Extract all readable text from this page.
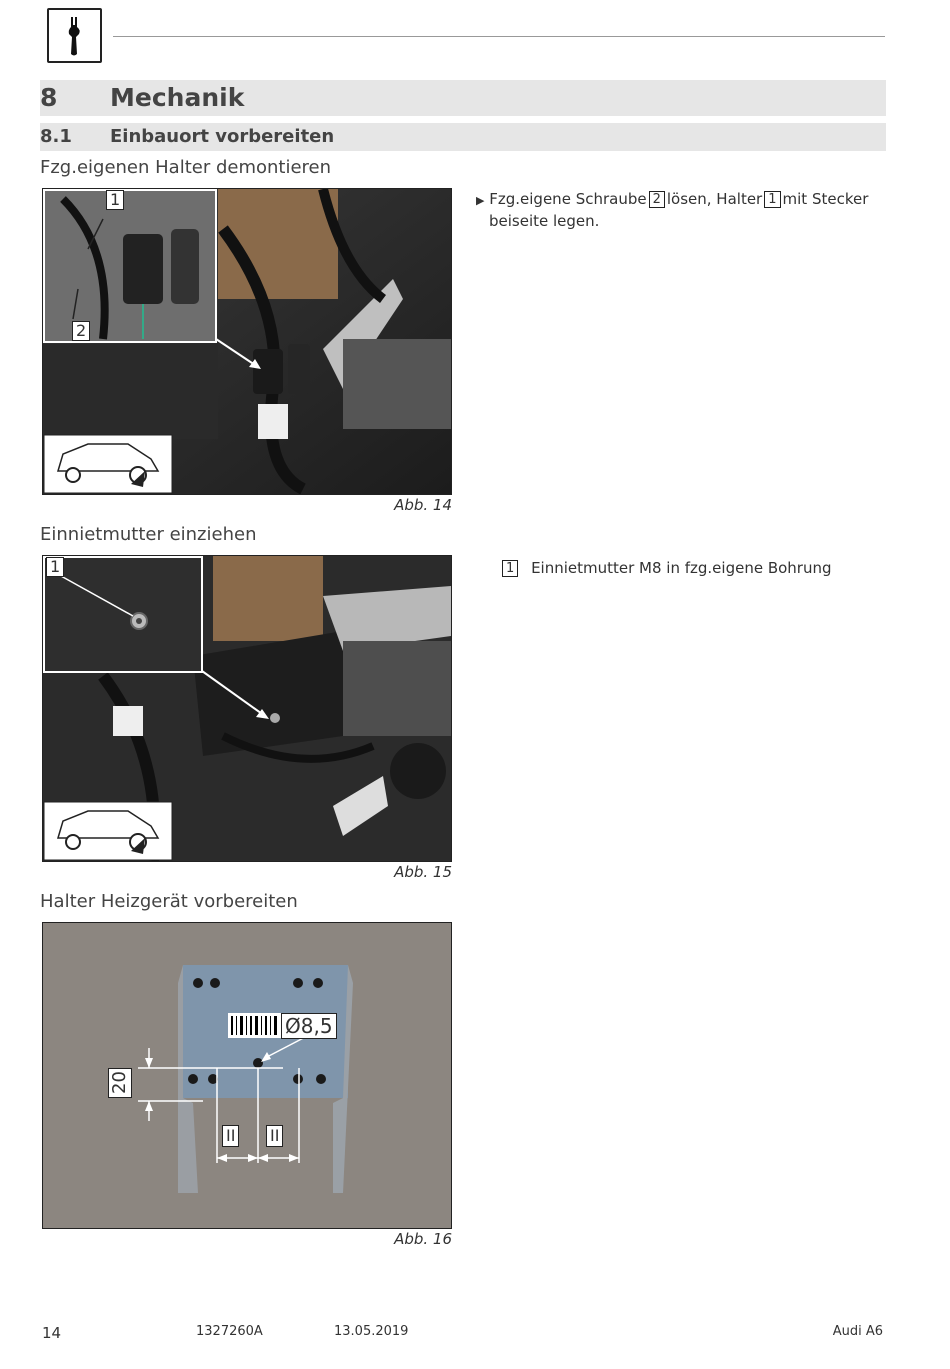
8 Mechanik
8.1 Einbauort vorbereiten
Fzg.eigenen Halter demontieren
1
2
Abb. 14
▶ Fzg.eigene Schraube 2 lösen, Halter 1 mit Stecker
beiseite legen.
Einnietmutter einziehen
1
Abb. 15
1 Einnietmutter M8 in fzg.eigene Bohrung
Halter Heizgerät vorbereiten
Ø8,5
20
II II
Abb. 16
14	1327260A	13.05.2019	Audi A6
